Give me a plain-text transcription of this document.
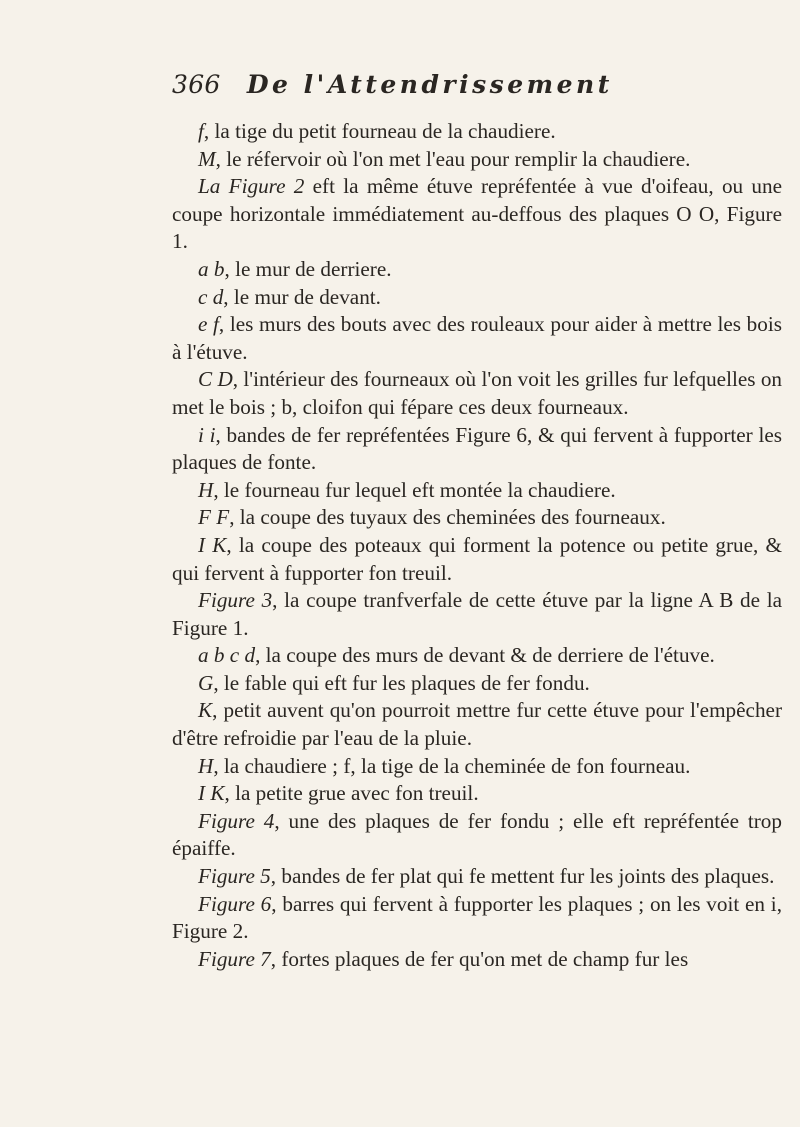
366 De l'Attendrissement

f, la tige du petit fourneau de la chaudiere.

M, le réfervoir où l'on met l'eau pour remplir la chaudiere.

La Figure 2 eft la même étuve repréfentée à vue d'oifeau, ou une coupe horizontale immédiatement au-deffous des plaques O O, Figure 1.

a b, le mur de derriere.

c d, le mur de devant.

e f, les murs des bouts avec des rouleaux pour aider à mettre les bois à l'étuve.

C D, l'intérieur des fourneaux où l'on voit les grilles fur lefquelles on met le bois ; b, cloifon qui fépare ces deux fourneaux.

i i, bandes de fer repréfentées Figure 6, & qui fervent à fupporter les plaques de fonte.

H, le fourneau fur lequel eft montée la chaudiere.

F F, la coupe des tuyaux des cheminées des fourneaux.

I K, la coupe des poteaux qui forment la potence ou petite grue, & qui fervent à fupporter fon treuil.

Figure 3, la coupe tranfverfale de cette étuve par la ligne A B de la Figure 1.

a b c d, la coupe des murs de devant & de derriere de l'étuve.

G, le fable qui eft fur les plaques de fer fondu.

K, petit auvent qu'on pourroit mettre fur cette étuve pour l'empêcher d'être refroidie par l'eau de la pluie.

H, la chaudiere ; f, la tige de la cheminée de fon fourneau.

I K, la petite grue avec fon treuil.

Figure 4, une des plaques de fer fondu ; elle eft repréfentée trop épaiffe.

Figure 5, bandes de fer plat qui fe mettent fur les joints des plaques.

Figure 6, barres qui fervent à fupporter les plaques ; on les voit en i, Figure 2.

Figure 7, fortes plaques de fer qu'on met de champ fur les
